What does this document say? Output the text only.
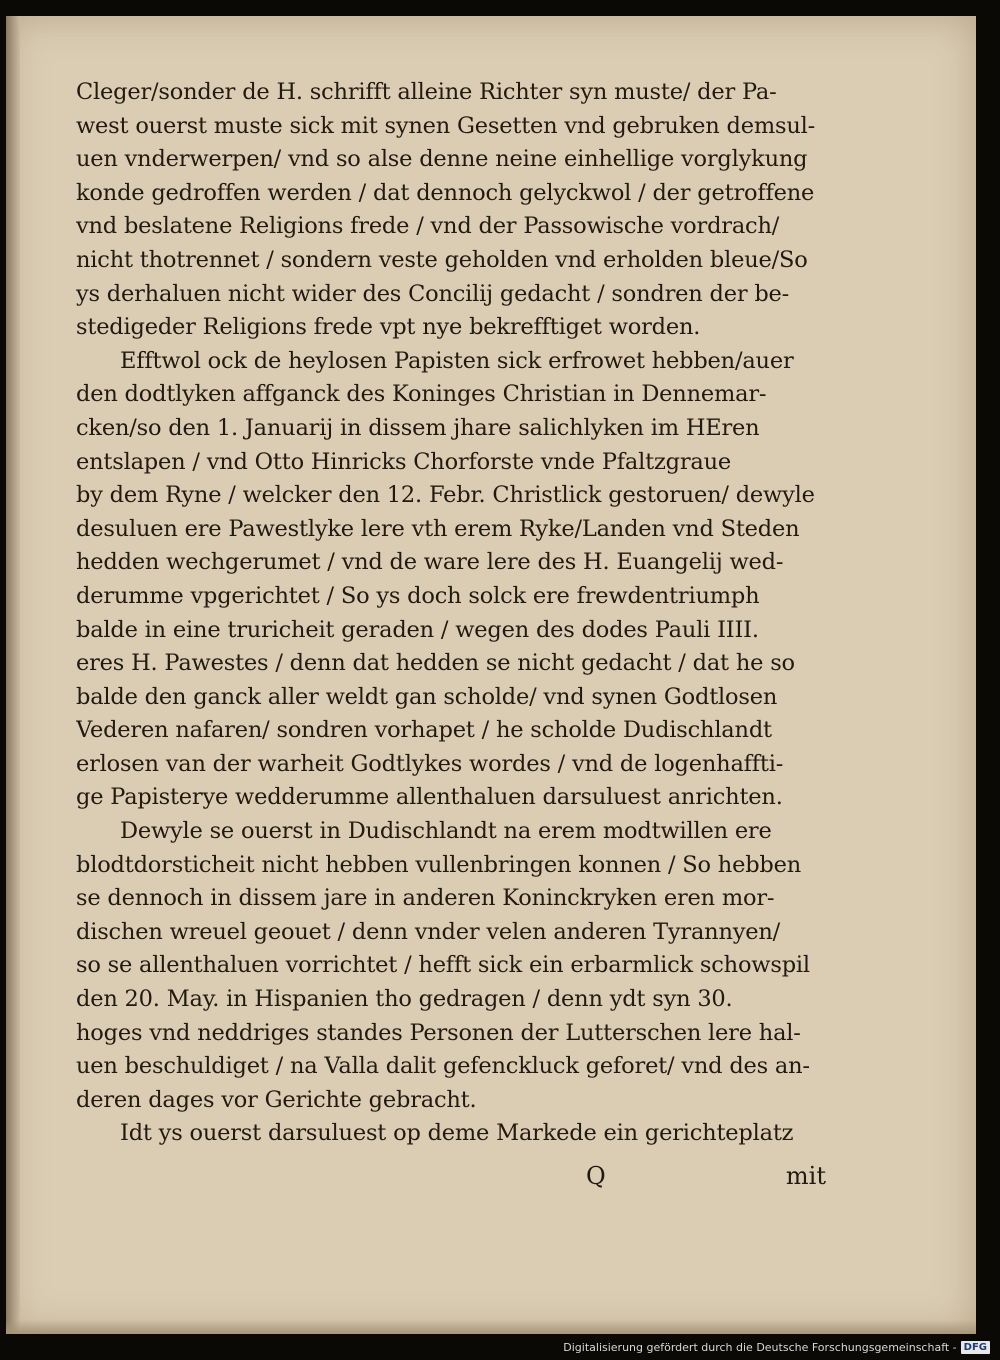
Cleger/sonder de H. schrifft alleine Richter syn muste/ der Pa-
west ouerst muste sick mit synen Gesetten vnd gebruken demsul-
uen vnderwerpen/ vnd so alse denne neine einhellige vorglykung
konde gedroffen werden / dat dennoch gelyckwol / der getroffene
vnd beslatene Religions frede / vnd der Passowische vordrach/
nicht thotrennet / sondern veste geholden vnd erholden bleue/So
ys derhaluen nicht wider des Concilij gedacht / sondren der be-
stedigeder Religions frede vpt nye bekrefftiget worden.
Efftwol ock de heylosen Papisten sick erfrowet hebben/auer
den dodtlyken affganck des Koninges Christian in Dennemar-
cken/so den 1. Januarij in dissem jhare salichlyken im HEren
entslapen / vnd Otto Hinricks Chorforste vnde Pfaltzgraue
by dem Ryne / welcker den 12. Febr. Christlick gestoruen/ dewyle
desuluen ere Pawestlyke lere vth erem Ryke/Landen vnd Steden
hedden wechgerumet / vnd de ware lere des H. Euangelij wed-
derumme vpgerichtet / So ys doch solck ere frewdentriumph
balde in eine truricheit geraden / wegen des dodes Pauli IIII.
eres H. Pawestes / denn dat hedden se nicht gedacht / dat he so
balde den ganck aller weldt gan scholde/ vnd synen Godtlosen
Vederen nafaren/ sondren vorhapet / he scholde Dudischlandt
erlosen van der warheit Godtlykes wordes / vnd de logenhaffti-
ge Papisterye wedderumme allenthaluen darsuluest anrichten.
Dewyle se ouerst in Dudischlandt na erem modtwillen ere
blodtdorsticheit nicht hebben vullenbringen konnen / So hebben
se dennoch in dissem jare in anderen Koninckryken eren mor-
dischen wreuel geouet / denn vnder velen anderen Tyrannyen/
so se allenthaluen vorrichtet / hefft sick ein erbarmlick schowspil
den 20. May. in Hispanien tho gedragen / denn ydt syn 30.
hoges vnd neddriges standes Personen der Lutterschen lere hal-
uen beschuldiget / na Valla dalit gefenckluck geforet/ vnd des an-
deren dages vor Gerichte gebracht.
Idt ys ouerst darsuluest op deme Markede ein gerichteplatz
Q	mit
Digitalisierung gefördert durch die Deutsche Forschungsgemeinschaft - DFG
